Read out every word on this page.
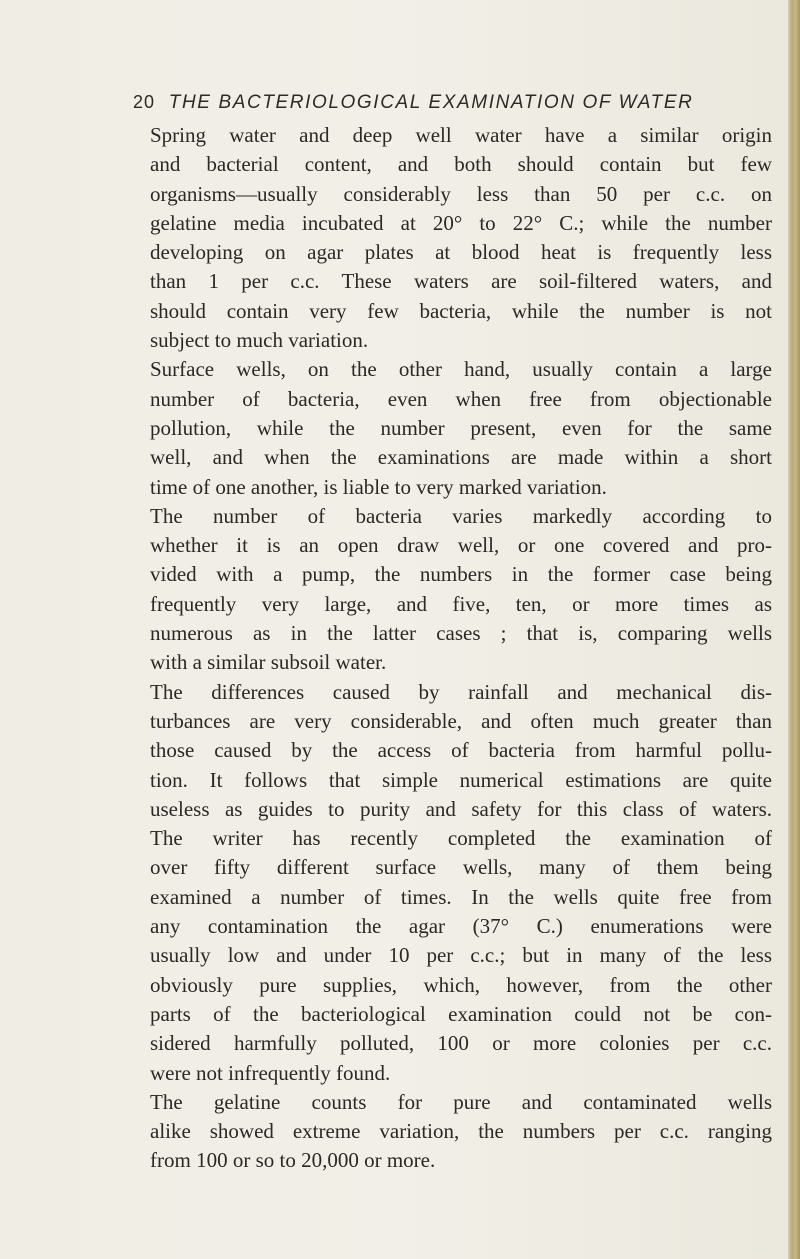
20 THE BACTERIOLOGICAL EXAMINATION OF WATER
Spring water and deep well water have a similar origin
and bacterial content, and both should contain but few
organisms—usually considerably less than 50 per c.c. on
gelatine media incubated at 20° to 22° C.; while the number
developing on agar plates at blood heat is frequently less
than 1 per c.c. These waters are soil-filtered waters, and
should contain very few bacteria, while the number is not
subject to much variation.
Surface wells, on the other hand, usually contain a large
number of bacteria, even when free from objectionable
pollution, while the number present, even for the same
well, and when the examinations are made within a short
time of one another, is liable to very marked variation.
The number of bacteria varies markedly according to
whether it is an open draw well, or one covered and pro-
vided with a pump, the numbers in the former case being
frequently very large, and five, ten, or more times as
numerous as in the latter cases ; that is, comparing wells
with a similar subsoil water.
The differences caused by rainfall and mechanical dis-
turbances are very considerable, and often much greater than
those caused by the access of bacteria from harmful pollu-
tion. It follows that simple numerical estimations are quite
useless as guides to purity and safety for this class of waters.
The writer has recently completed the examination of
over fifty different surface wells, many of them being
examined a number of times. In the wells quite free from
any contamination the agar (37° C.) enumerations were
usually low and under 10 per c.c.; but in many of the less
obviously pure supplies, which, however, from the other
parts of the bacteriological examination could not be con-
sidered harmfully polluted, 100 or more colonies per c.c.
were not infrequently found.
The gelatine counts for pure and contaminated wells
alike showed extreme variation, the numbers per c.c. ranging
from 100 or so to 20,000 or more.
